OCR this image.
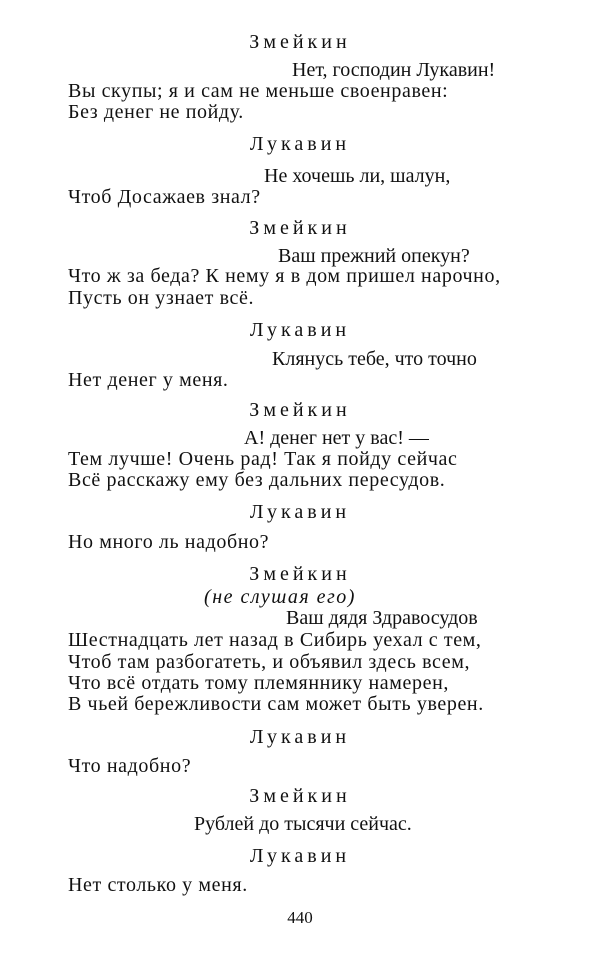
Змейкин
Нет, господин Лукавин!
Вы скупы; я и сам не меньше своенравен:
Без денег не пойду.
Лукавин
Не хочешь ли, шалун,
Чтоб Досажаев знал?
Змейкин
Ваш прежний опекун?
Что ж за беда? К нему я в дом пришел нарочно,
Пусть он узнает всё.
Лукавин
Клянусь тебе, что точно
Нет денег у меня.
Змейкин
А! денег нет у вас! —
Тем лучше! Очень рад! Так я пойду сейчас
Всё расскажу ему без дальних пересудов.
Лукавин
Но много ль надобно?
Змейкин
(не слушая его)
Ваш дядя Здравосудов
Шестнадцать лет назад в Сибирь уехал с тем,
Чтоб там разбогатеть, и объявил здесь всем,
Что всё отдать тому племяннику намерен,
В чьей бережливости сам может быть уверен.
Лукавин
Что надобно?
Змейкин
Рублей до тысячи сейчас.
Лукавин
Нет столько у меня.
440
